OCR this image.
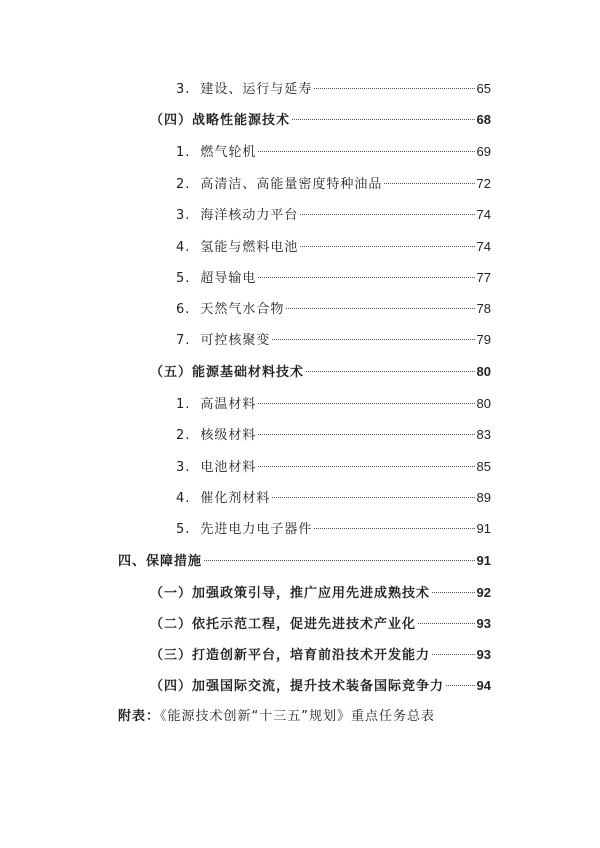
3. 建设、运行与延寿	65
（四）战略性能源技术	68
1. 燃气轮机	69
2. 高清洁、高能量密度特种油品	72
3. 海洋核动力平台	74
4. 氢能与燃料电池	74
5. 超导输电	77
6. 天然气水合物	78
7. 可控核聚变	79
（五）能源基础材料技术	80
1. 高温材料	80
2. 核级材料	83
3. 电池材料	85
4. 催化剂材料	89
5. 先进电力电子器件	91
四、保障措施	91
（一）加强政策引导，推广应用先进成熟技术	92
（二）依托示范工程，促进先进技术产业化	93
（三）打造创新平台，培育前沿技术开发能力	93
（四）加强国际交流，提升技术装备国际竞争力	94
附表：《能源技术创新“十三五”规划》重点任务总表
